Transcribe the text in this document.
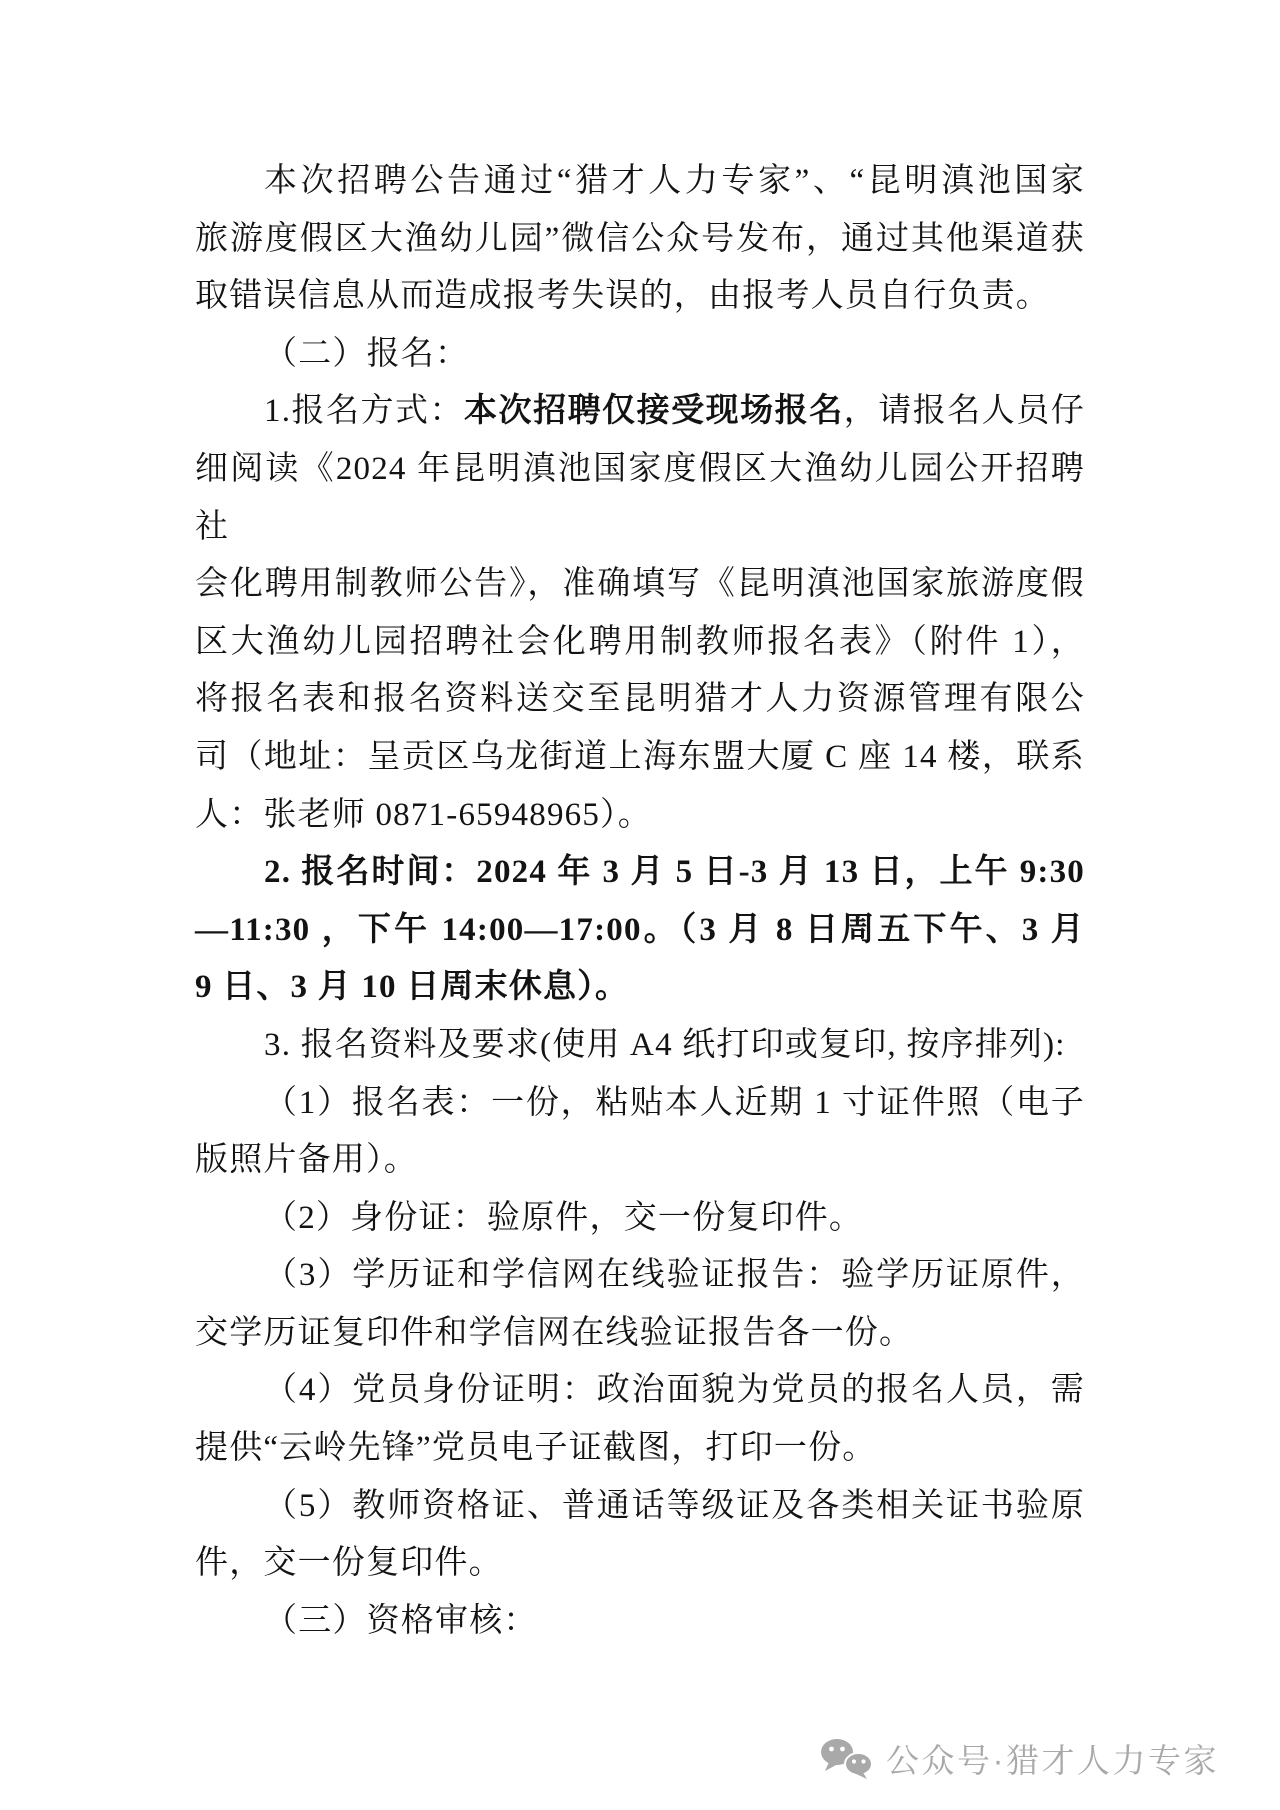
本次招聘公告通过“猎才人力专家”、“昆明滇池国家
旅游度假区大渔幼儿园”微信公众号发布，通过其他渠道获
取错误信息从而造成报考失误的，由报考人员自行负责。
（二）报名：
1.报名方式：本次招聘仅接受现场报名，请报名人员仔
细阅读《2024 年昆明滇池国家度假区大渔幼儿园公开招聘社
会化聘用制教师公告》，准确填写《昆明滇池国家旅游度假
区大渔幼儿园招聘社会化聘用制教师报名表》（附件 1），
将报名表和报名资料送交至昆明猎才人力资源管理有限公
司（地址：呈贡区乌龙街道上海东盟大厦 C 座 14 楼，联系
人：张老师 0871-65948965）。
2. 报名时间：2024 年 3 月 5 日-3 月 13 日，上午 9:30
—11:30 ，下午 14:00—17:00。（3 月 8 日周五下午、3 月
9 日、3 月 10 日周末休息）。
3. 报名资料及要求(使用 A4 纸打印或复印, 按序排列):
（1）报名表：一份，粘贴本人近期 1 寸证件照（电子
版照片备用）。
（2）身份证：验原件，交一份复印件。
（3）学历证和学信网在线验证报告：验学历证原件，
交学历证复印件和学信网在线验证报告各一份。
（4）党员身份证明：政治面貌为党员的报名人员，需
提供“云岭先锋”党员电子证截图，打印一份。
（5）教师资格证、普通话等级证及各类相关证书验原
件，交一份复印件。
（三）资格审核：
公众号·猎才人力专家
